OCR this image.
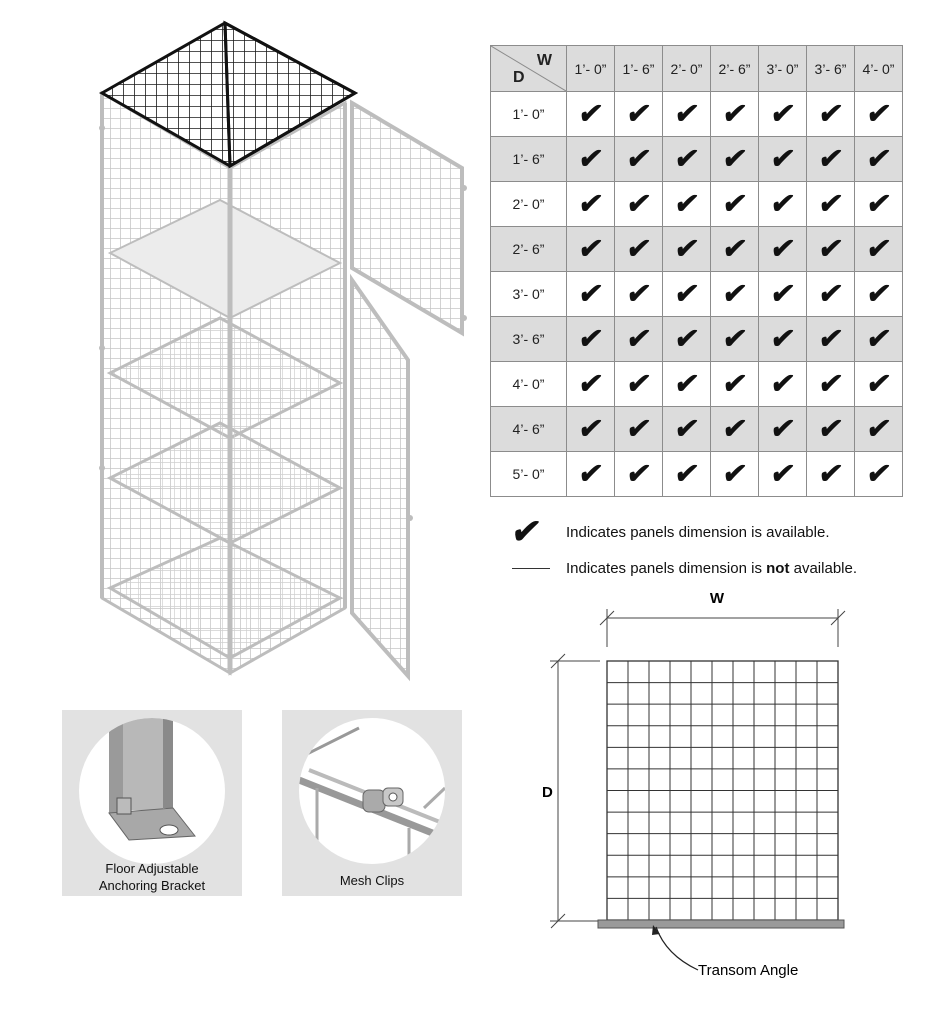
W
D	1’- 0”	1’- 6”	2’- 0”	2’- 6”	3’- 0”	3’- 6”	4’- 0”
1’- 0”	✔	✔	✔	✔	✔	✔	✔
1’- 6”	✔	✔	✔	✔	✔	✔	✔
2’- 0”	✔	✔	✔	✔	✔	✔	✔
2’- 6”	✔	✔	✔	✔	✔	✔	✔
3’- 0”	✔	✔	✔	✔	✔	✔	✔
3’- 6”	✔	✔	✔	✔	✔	✔	✔
4’- 0”	✔	✔	✔	✔	✔	✔	✔
4’- 6”	✔	✔	✔	✔	✔	✔	✔
5’- 0”	✔	✔	✔	✔	✔	✔	✔
✔ Indicates panels dimension is available.
Indicates panels dimension is not available.
Floor Adjustable
Anchoring Bracket	Mesh Clips
W
D
Transom Angle
